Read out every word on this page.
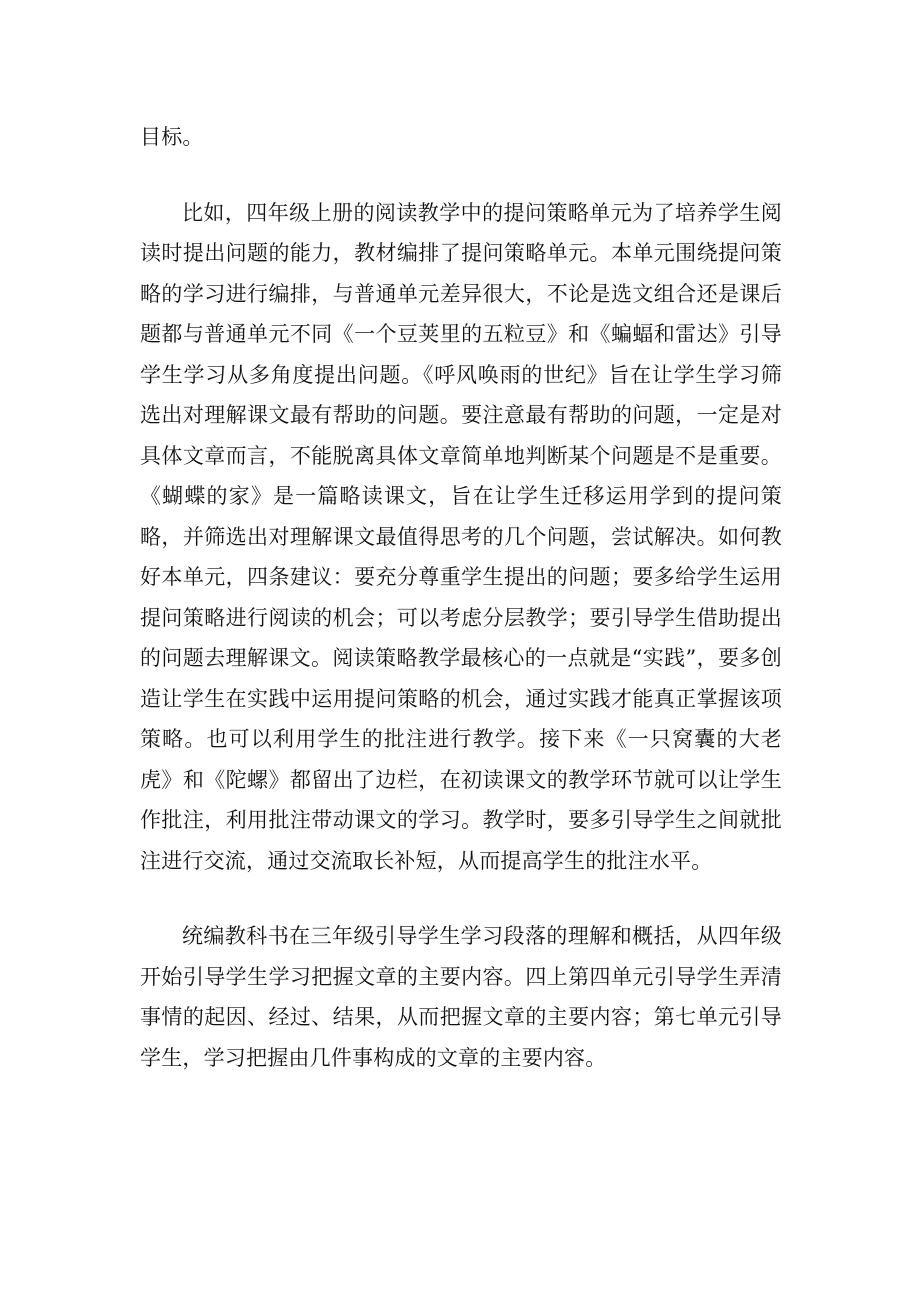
目标。

比如，四年级上册的阅读教学中的提问策略单元为了培养学生阅读时提出问题的能力，教材编排了提问策略单元。本单元围绕提问策略的学习进行编排，与普通单元差异很大，不论是选文组合还是课后题都与普通单元不同《一个豆荚里的五粒豆》和《蝙蝠和雷达》引导学生学习从多角度提出问题。《呼风唤雨的世纪》旨在让学生学习筛选出对理解课文最有帮助的问题。要注意最有帮助的问题，一定是对具体文章而言，不能脱离具体文章简单地判断某个问题是不是重要。《蝴蝶的家》是一篇略读课文，旨在让学生迁移运用学到的提问策略，并筛选出对理解课文最值得思考的几个问题，尝试解决。如何教好本单元，四条建议：要充分尊重学生提出的问题；要多给学生运用提问策略进行阅读的机会；可以考虑分层教学；要引导学生借助提出的问题去理解课文。阅读策略教学最核心的一点就是“实践”，要多创造让学生在实践中运用提问策略的机会，通过实践才能真正掌握该项策略。也可以利用学生的批注进行教学。接下来《一只窝囊的大老虎》和《陀螺》都留出了边栏，在初读课文的教学环节就可以让学生作批注，利用批注带动课文的学习。教学时，要多引导学生之间就批注进行交流，通过交流取长补短，从而提高学生的批注水平。

统编教科书在三年级引导学生学习段落的理解和概括，从四年级开始引导学生学习把握文章的主要内容。四上第四单元引导学生弄清事情的起因、经过、结果，从而把握文章的主要内容；第七单元引导学生，学习把握由几件事构成的文章的主要内容。
